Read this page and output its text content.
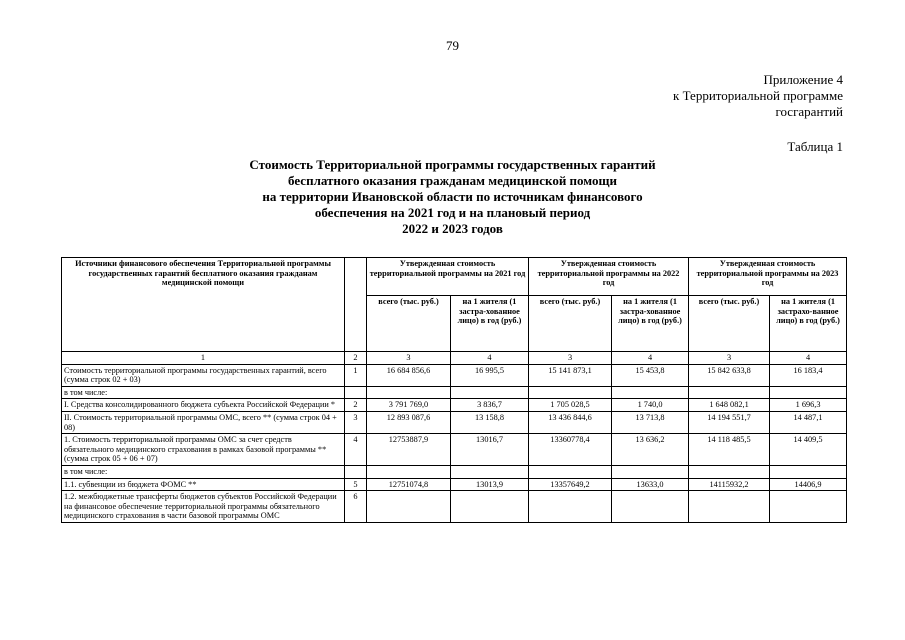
79
Приложение 4
к Территориальной программе
госгарантий
Таблица 1
Стоимость Территориальной программы государственных гарантий
бесплатного оказания гражданам медицинской помощи
на территории Ивановской области по источникам финансового
обеспечения на 2021 год и на плановый период
2022 и 2023 годов
Источники финансового обеспечения Территориальной программы государственных гарантий бесплатного оказания гражданам медицинской помощи		Утвержденная стоимость территориальной программы на 2021 год		Утвержденная стоимость территориальной программы на 2022 год		Утвержденная стоимость территориальной программы на 2023 год	
		всего (тыс. руб.)	на 1 жителя (1 застра-хованное лицо) в год (руб.)	всего (тыс. руб.)	на 1 жителя (1 застра-хованное лицо) в год (руб.)	всего (тыс. руб.)	на 1 жителя (1 застрахо-ванное лицо) в год (руб.)
1	2	3	4	3	4	3	4
Стоимость территориальной программы государственных гарантий, всего (сумма строк 02 + 03)	1	16 684 856,6	16 995,5	15 141 873,1	15 453,8	15 842 633,8	16 183,4
в том числе:							
I. Средства консолидированного бюджета субъекта Российской Федерации *	2	3 791 769,0	3 836,7	1 705 028,5	1 740,0	1 648 082,1	1 696,3
II. Стоимость территориальной программы ОМС, всего ** (сумма строк 04 + 08)	3	12 893 087,6	13 158,8	13 436 844,6	13 713,8	14 194 551,7	14 487,1
1. Стоимость территориальной программы ОМС за счет средств обязательного медицинского страхования в рамках базовой программы ** (сумма строк 05 + 06 + 07)	4	12753887,9	13016,7	13360778,4	13 636,2	14 118 485,5	14 409,5
в том числе:							
1.1. субвенции из бюджета ФОМС **	5	12751074,8	13013,9	13357649,2	13633,0	14115932,2	14406,9
1.2. межбюджетные трансферты бюджетов субъектов Российской Федерации на финансовое обеспечение территориальной программы обязательного медицинского страхования в части базовой программы ОМС	6						
